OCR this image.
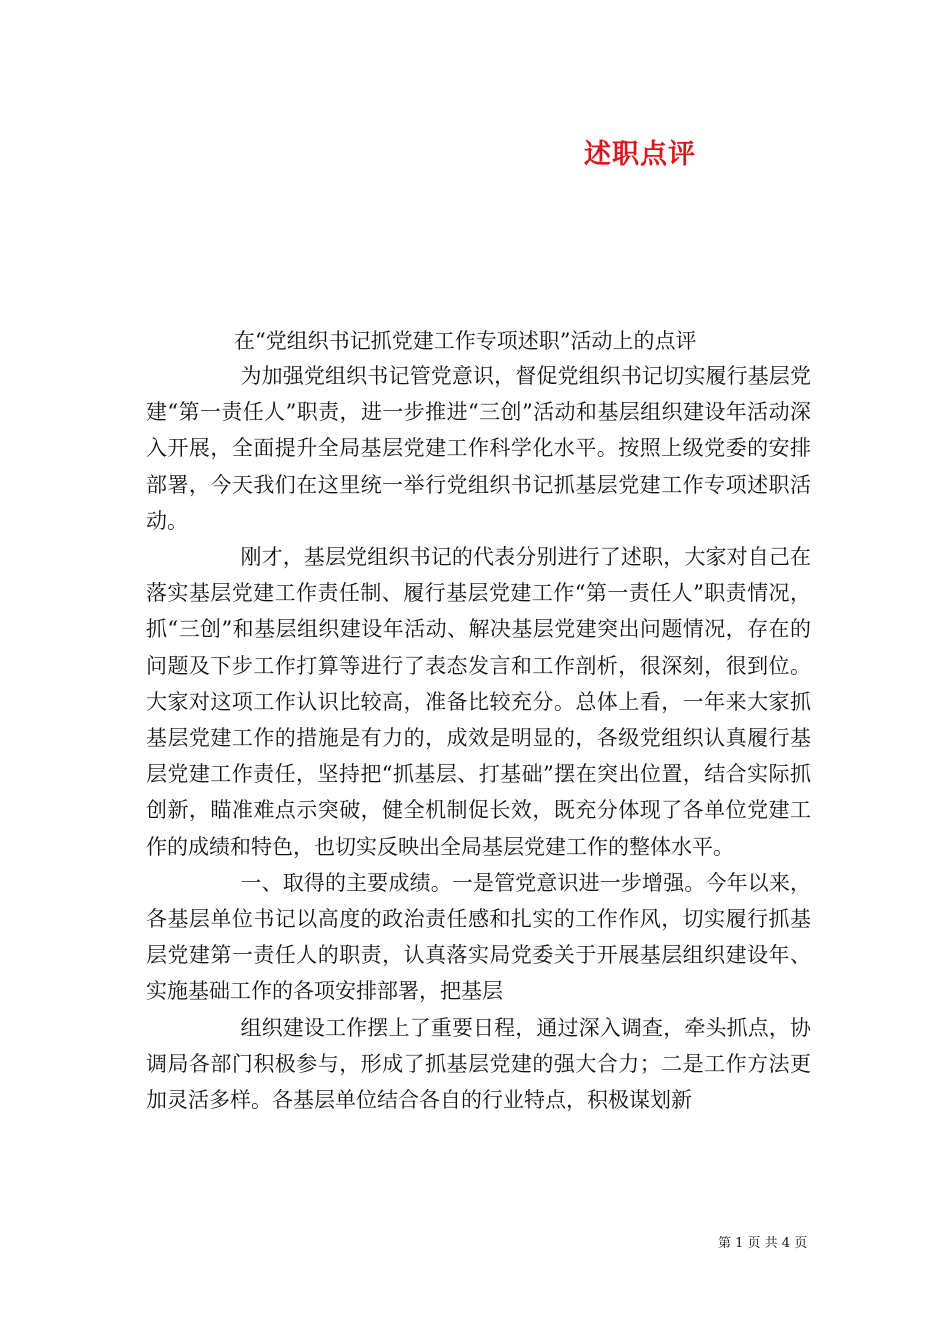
述职点评
在“党组织书记抓党建工作专项述职”活动上的点评

为加强党组织书记管党意识，督促党组织书记切实履行基层党建“第一责任人”职责，进一步推进“三创”活动和基层组织建设年活动深入开展，全面提升全局基层党建工作科学化水平。按照上级党委的安排部署，今天我们在这里统一举行党组织书记抓基层党建工作专项述职活动。

刚才，基层党组织书记的代表分别进行了述职，大家对自己在落实基层党建工作责任制、履行基层党建工作“第一责任人”职责情况，抓“三创”和基层组织建设年活动、解决基层党建突出问题情况，存在的问题及下步工作打算等进行了表态发言和工作剖析，很深刻，很到位。大家对这项工作认识比较高，准备比较充分。总体上看，一年来大家抓基层党建工作的措施是有力的，成效是明显的，各级党组织认真履行基层党建工作责任，坚持把“抓基层、打基础”摆在突出位置，结合实际抓创新，瞄准难点示突破，健全机制促长效，既充分体现了各单位党建工作的成绩和特色，也切实反映出全局基层党建工作的整体水平。

一、取得的主要成绩。一是管党意识进一步增强。今年以来，各基层单位书记以高度的政治责任感和扎实的工作作风，切实履行抓基层党建第一责任人的职责，认真落实局党委关于开展基层组织建设年、实施基础工作的各项安排部署，把基层

组织建设工作摆上了重要日程，通过深入调查，牵头抓点，协调局各部门积极参与，形成了抓基层党建的强大合力；二是工作方法更加灵活多样。各基层单位结合各自的行业特点，积极谋划新

第 1 页 共 4 页
